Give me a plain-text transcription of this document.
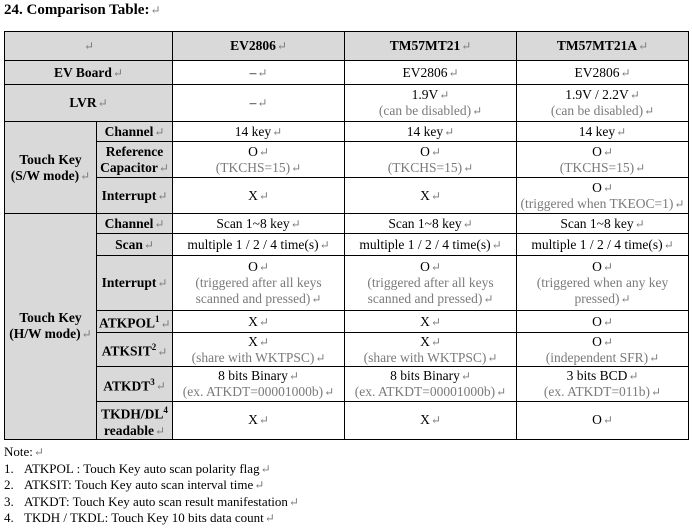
24. Comparison Table:↵
↵		EV2806↵	TM57MT21↵	TM57MT21A↵
EV Board↵		–↵	EV2806↵	EV2806↵
LVR↵		–↵	1.9V↵
(can be disabled)↵	1.9V / 2.2V↵
(can be disabled)↵
Touch Key
(S/W mode)↵	Channel↵	14 key↵	14 key↵	14 key↵
	Reference
Capacitor↵	O↵
(TKCHS=15)↵	O↵
(TKCHS=15)↵	O↵
(TKCHS=15)↵
	Interrupt↵	X↵	X↵	O↵
(triggered when TKEOC=1)↵
Touch Key
(H/W mode)↵	Channel↵	Scan 1~8 key↵	Scan 1~8 key↵	Scan 1~8 key↵
	Scan↵	multiple 1 / 2 / 4 time(s)↵	multiple 1 / 2 / 4 time(s)↵	multiple 1 / 2 / 4 time(s)↵
	Interrupt↵	O↵
(triggered after all keys
scanned and pressed)↵	O↵
(triggered after all keys
scanned and pressed)↵	O↵
(triggered when any key
pressed)↵
	ATKPOL$^1$↵	X↵	X↵	O↵
	ATKSIT$^2$↵	X↵
(share with WKTPSC)↵	X↵
(share with WKTPSC)↵	O↵
(independent SFR)↵
	ATKDT$^3$↵	8 bits Binary↵
(ex. ATKDT=00001000b)↵	8 bits Binary↵
(ex. ATKDT=00001000b)↵	3 bits BCD↵
(ex. ATKDT=011b)↵
	TKDH/$DL^4$
readable↵	X↵	X↵	O↵
Note:↵
1. ATKPOL : Touch Key auto scan polarity flag↵
2. ATKSIT: Touch Key auto scan interval time↵
3. ATKDT: Touch Key auto scan result manifestation↵
4. TKDH / TKDL: Touch Key 10 bits data count↵
